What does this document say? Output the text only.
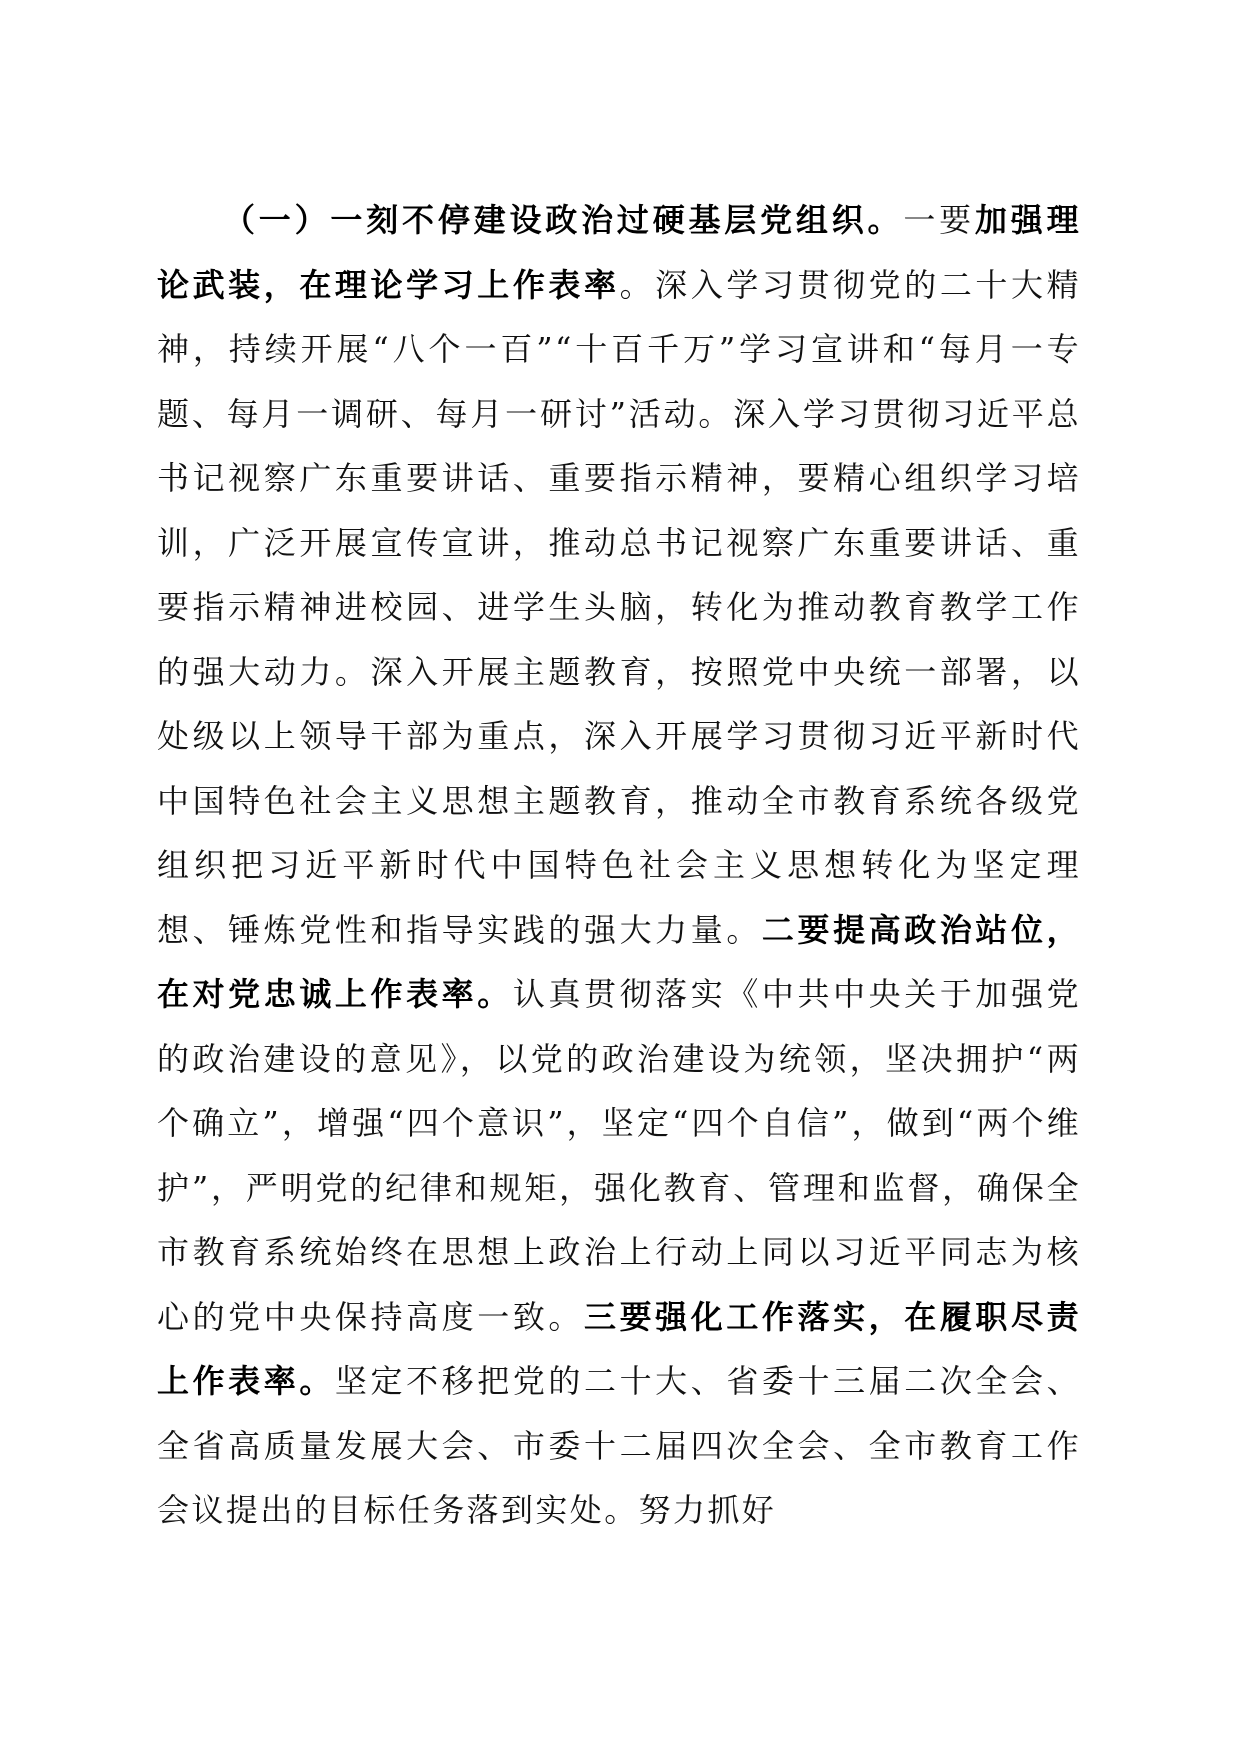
（一）一刻不停建设政治过硬基层党组织。一要加强理论武装，在理论学习上作表率。深入学习贯彻党的二十大精神，持续开展“八个一百”“十百千万”学习宣讲和“每月一专题、每月一调研、每月一研讨”活动。深入学习贯彻习近平总书记视察广东重要讲话、重要指示精神，要精心组织学习培训，广泛开展宣传宣讲，推动总书记视察广东重要讲话、重要指示精神进校园、进学生头脑，转化为推动教育教学工作的强大动力。深入开展主题教育，按照党中央统一部署，以处级以上领导干部为重点，深入开展学习贯彻习近平新时代中国特色社会主义思想主题教育，推动全市教育系统各级党组织把习近平新时代中国特色社会主义思想转化为坚定理想、锤炼党性和指导实践的强大力量。二要提高政治站位，在对党忠诚上作表率。认真贯彻落实《中共中央关于加强党的政治建设的意见》，以党的政治建设为统领，坚决拥护“两个确立”，增强“四个意识”，坚定“四个自信”，做到“两个维护”，严明党的纪律和规矩，强化教育、管理和监督，确保全市教育系统始终在思想上政治上行动上同以习近平同志为核心的党中央保持高度一致。三要强化工作落实，在履职尽责上作表率。坚定不移把党的二十大、省委十三届二次全会、全省高质量发展大会、市委十二届四次全会、全市教育工作会议提出的目标任务落到实处。努力抓好
